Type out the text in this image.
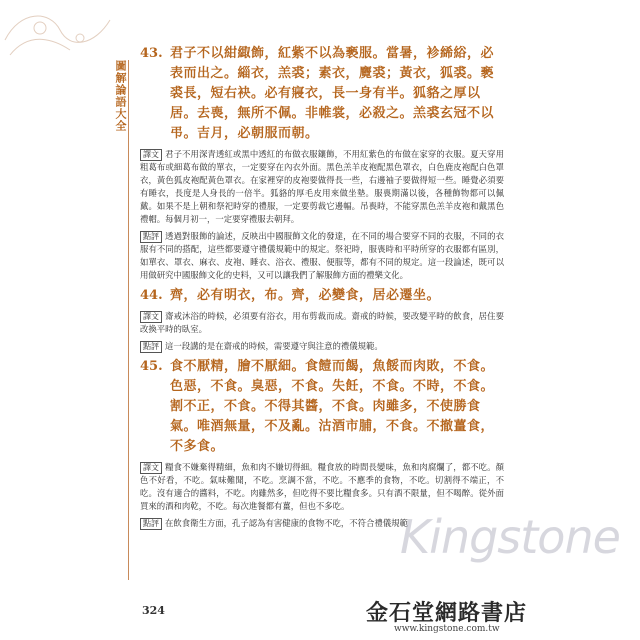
圖解論語大全
43. 君子不以紺緅飾，紅紫不以為褻服。當暑，袗絺綌，必表而出之。緇衣，羔裘；素衣，麑裘；黃衣，狐裘。褻裘長，短右袂。必有寢衣，長一身有半。狐貉之厚以居。去喪，無所不佩。非帷裳，必殺之。羔裘玄冠不以弔。吉月，必朝服而朝。

譯文 君子不用深青透紅或黑中透紅的布做衣服鑲飾，不用紅紫色的布做在家穿的衣服。夏天穿用粗葛布或細葛布做的單衣，一定要穿在內衣外面。黑色羔羊皮袍配黑色罩衣，白色鹿皮袍配白色罩衣，黃色狐皮袍配黃色罩衣。在家裡穿的皮袍要做得長一些，右邊袖子要做得短一些。睡覺必須要有睡衣，長度是人身長的一倍半。狐貉的厚毛皮用來做坐墊。服喪期滿以後，各種飾物都可以佩戴。如果不是上朝和祭祀時穿的禮服，一定要剪裁它邊幅。吊喪時，不能穿黑色羔羊皮袍和戴黑色禮帽。每個月初一，一定要穿禮服去朝拜。

點評 透過對服飾的論述，反映出中國服飾文化的發達，在不同的場合要穿不同的衣服，不同的衣服有不同的搭配，這些都要遵守禮儀規範中的規定。祭祀時，服喪時和平時所穿的衣服都有區別，如單衣、罩衣、麻衣、皮袍、睡衣、浴衣、禮服、便服等，都有不同的規定。這一段論述，既可以用做研究中國服飾文化的史料，又可以讓我們了解服飾方面的禮樂文化。

44. 齊，必有明衣，布。齊，必變食，居必遷坐。

譯文 齋戒沐浴的時候，必須要有浴衣，用布剪裁而成。齋戒的時候，要改變平時的飲食，居住要改換平時的臥室。

點評 這一段講的是在齋戒的時候，需要遵守與注意的禮儀規範。

45. 食不厭精，膾不厭細。食饐而餲，魚餒而肉敗，不食。色惡，不食。臭惡，不食。失飪，不食。不時，不食。割不正，不食。不得其醬，不食。肉雖多，不使勝食氣。唯酒無量，不及亂。沽酒市脯，不食。不撤薑食，不多食。

譯文 糧食不嫌棄得精細，魚和肉不嫌切得細。糧食放的時間長變味，魚和肉腐爛了，都不吃。顏色不好看，不吃。氣味難聞，不吃。烹調不當，不吃。不應季的食物，不吃。切割得不端正，不吃。沒有適合的醬料，不吃。肉雖然多，但吃得不要比糧食多。只有酒不限量，但不喝醉。從外面買來的酒和肉乾，不吃。每次進餐都有薑，但也不多吃。

點評 在飲食衛生方面，孔子認為有害健康的食物不吃，不符合禮儀規範

324
Kingstone
金石堂網路書店
www.kingstone.com.tw
